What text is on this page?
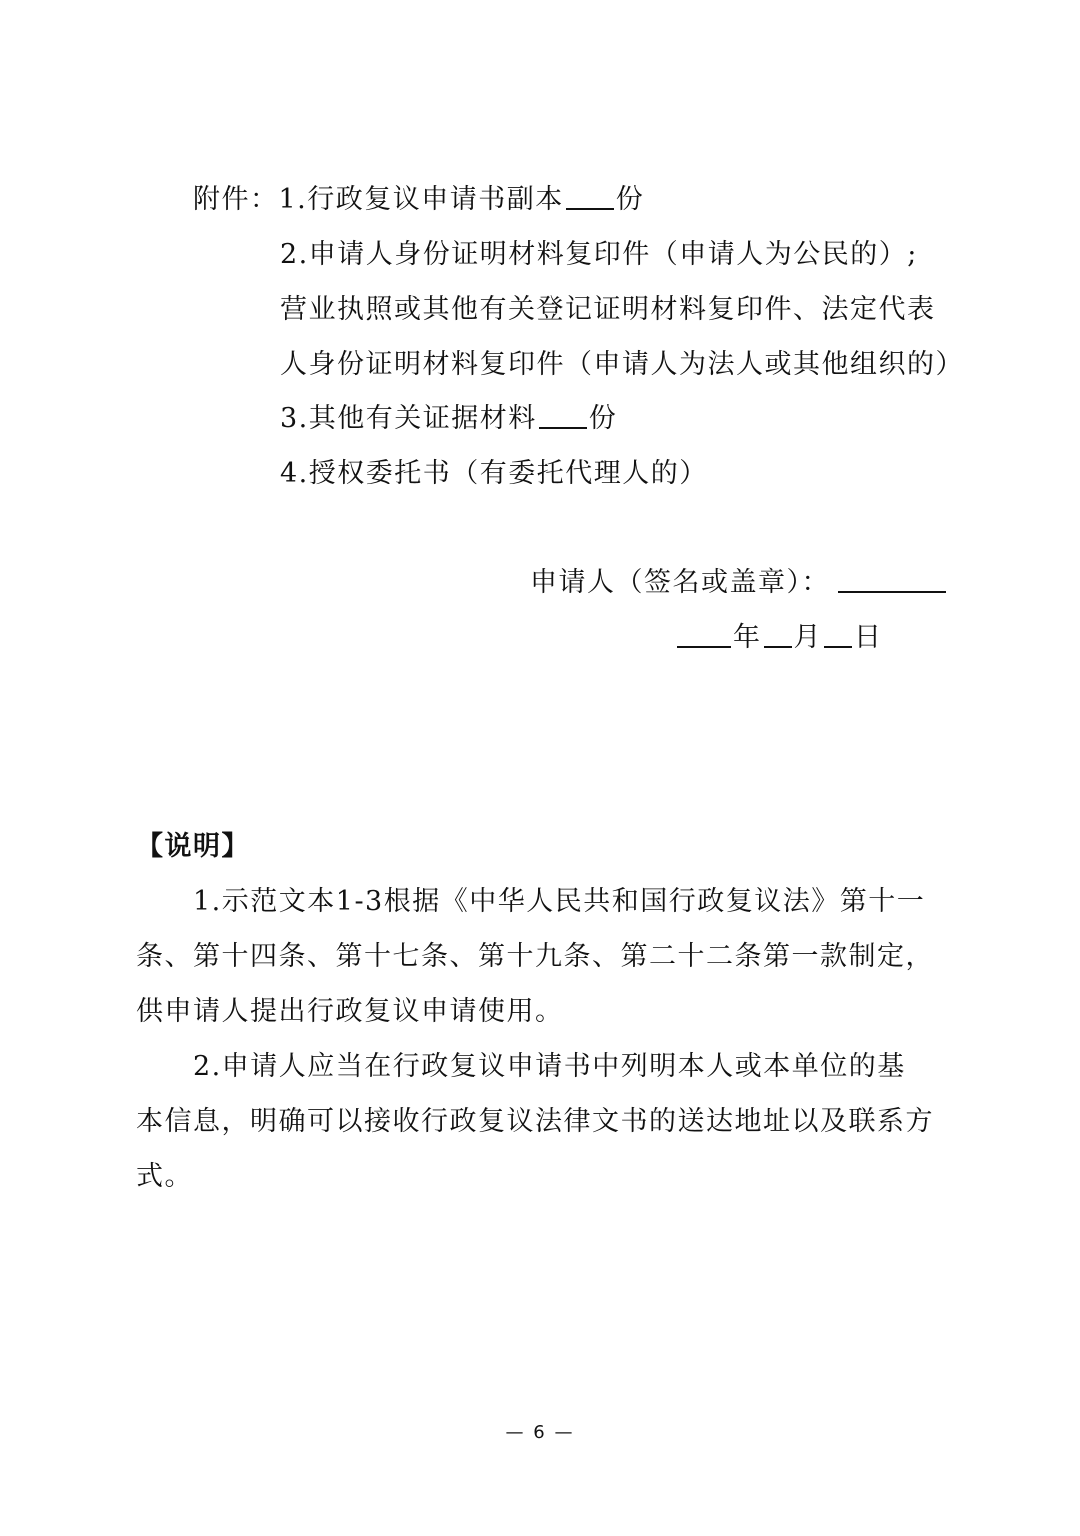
附件：1.行政复议申请书副本 份
2.申请人身份证明材料复印件（申请人为公民的）;
营业执照或其他有关登记证明材料复印件、法定代表
人身份证明材料复印件（申请人为法人或其他组织的）
3.其他有关证据材料 份
4.授权委托书（有委托代理人的）
申请人（签名或盖章）：
年 月 日
【说明】
1.示范文本1-3根据《中华人民共和国行政复议法》第十一
条、第十四条、第十七条、第十九条、第二十二条第一款制定，
供申请人提出行政复议申请使用。
2.申请人应当在行政复议申请书中列明本人或本单位的基
本信息，明确可以接收行政复议法律文书的送达地址以及联系方
式。
— 6 —
